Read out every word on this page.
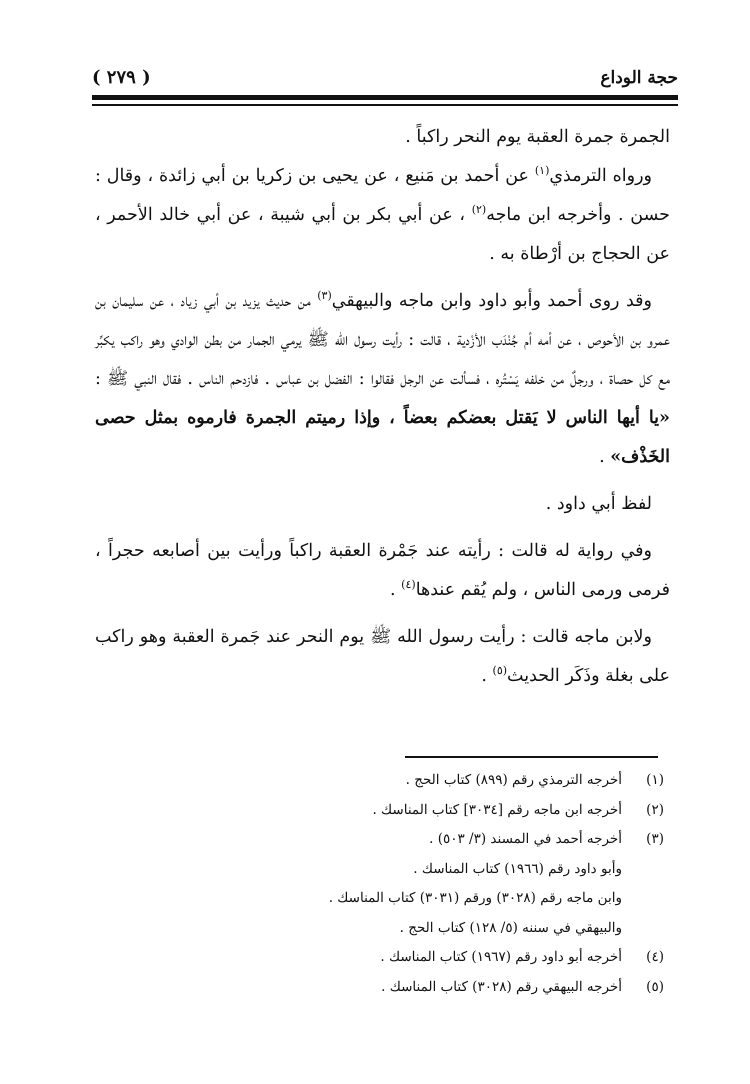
حجة الوداع
( ٢٧٩ )

الجمرة جمرة العقبة يوم النحر راكباً .

ورواه الترمذي$^{(١)}$ عن أحمد بن مَنيع ، عن يحيى بن زكريا بن أبي زائدة ، وقال : حسن . وأخرجه ابن ماجه$^{(٢)}$ ، عن أبي بكر بن أبي شيبة ، عن أبي خالد الأحمر ، عن الحجاج بن أرْطاة به .

وقد روى أحمد وأبو داود وابن ماجه والبيهقي$^{(٣)}$ من حديث يزيد بن أبي زياد ، عن سليمان بن عمرو بن الأحوص ، عن أمه أم جُنْدَب الأزْدية ، قالت : رأيت رسول الله ﷺ يرمي الجمار من بطن الوادي وهو راكب يكبِّر مع كل حصاة ، ورجلٌ من خلفه يَسْتُره ، فسألت عن الرجل فقالوا : الفضل بن عباس . فازدحم الناس . فقال النبي ﷺ : «يا أيها الناس لا يَقتل بعضكم بعضاً ، وإذا رميتم الجمرة فارموه بمثل حصى الخَذْف» .

لفظ أبي داود .

وفي رواية له قالت : رأيته عند جَمْرة العقبة راكباً ورأيت بين أصابعه حجراً ، فرمى ورمى الناس ، ولم يُقم عندها$^{(٤)}$ .

ولابن ماجه قالت : رأيت رسول الله ﷺ يوم النحر عند جَمرة العقبة وهو راكب على بغلة وذَكَر الحديث$^{(٥)}$ .

(١)
أخرجه الترمذي رقم (٨٩٩) كتاب الحج .
(٢)
أخرجه ابن ماجه رقم [٣٠٣٤] كتاب المناسك .
(٣)
أخرجه أحمد في المسند (٣/ ٥٠٣) .
وأبو داود رقم (١٩٦٦) كتاب المناسك .
وابن ماجه رقم (٣٠٢٨) ورقم (٣٠٣١) كتاب المناسك .
والبيهقي في سننه (٥/ ١٢٨) كتاب الحج .
(٤)
أخرجه أبو داود رقم (١٩٦٧) كتاب المناسك .
(٥)
أخرجه البيهقي رقم (٣٠٢٨) كتاب المناسك .
